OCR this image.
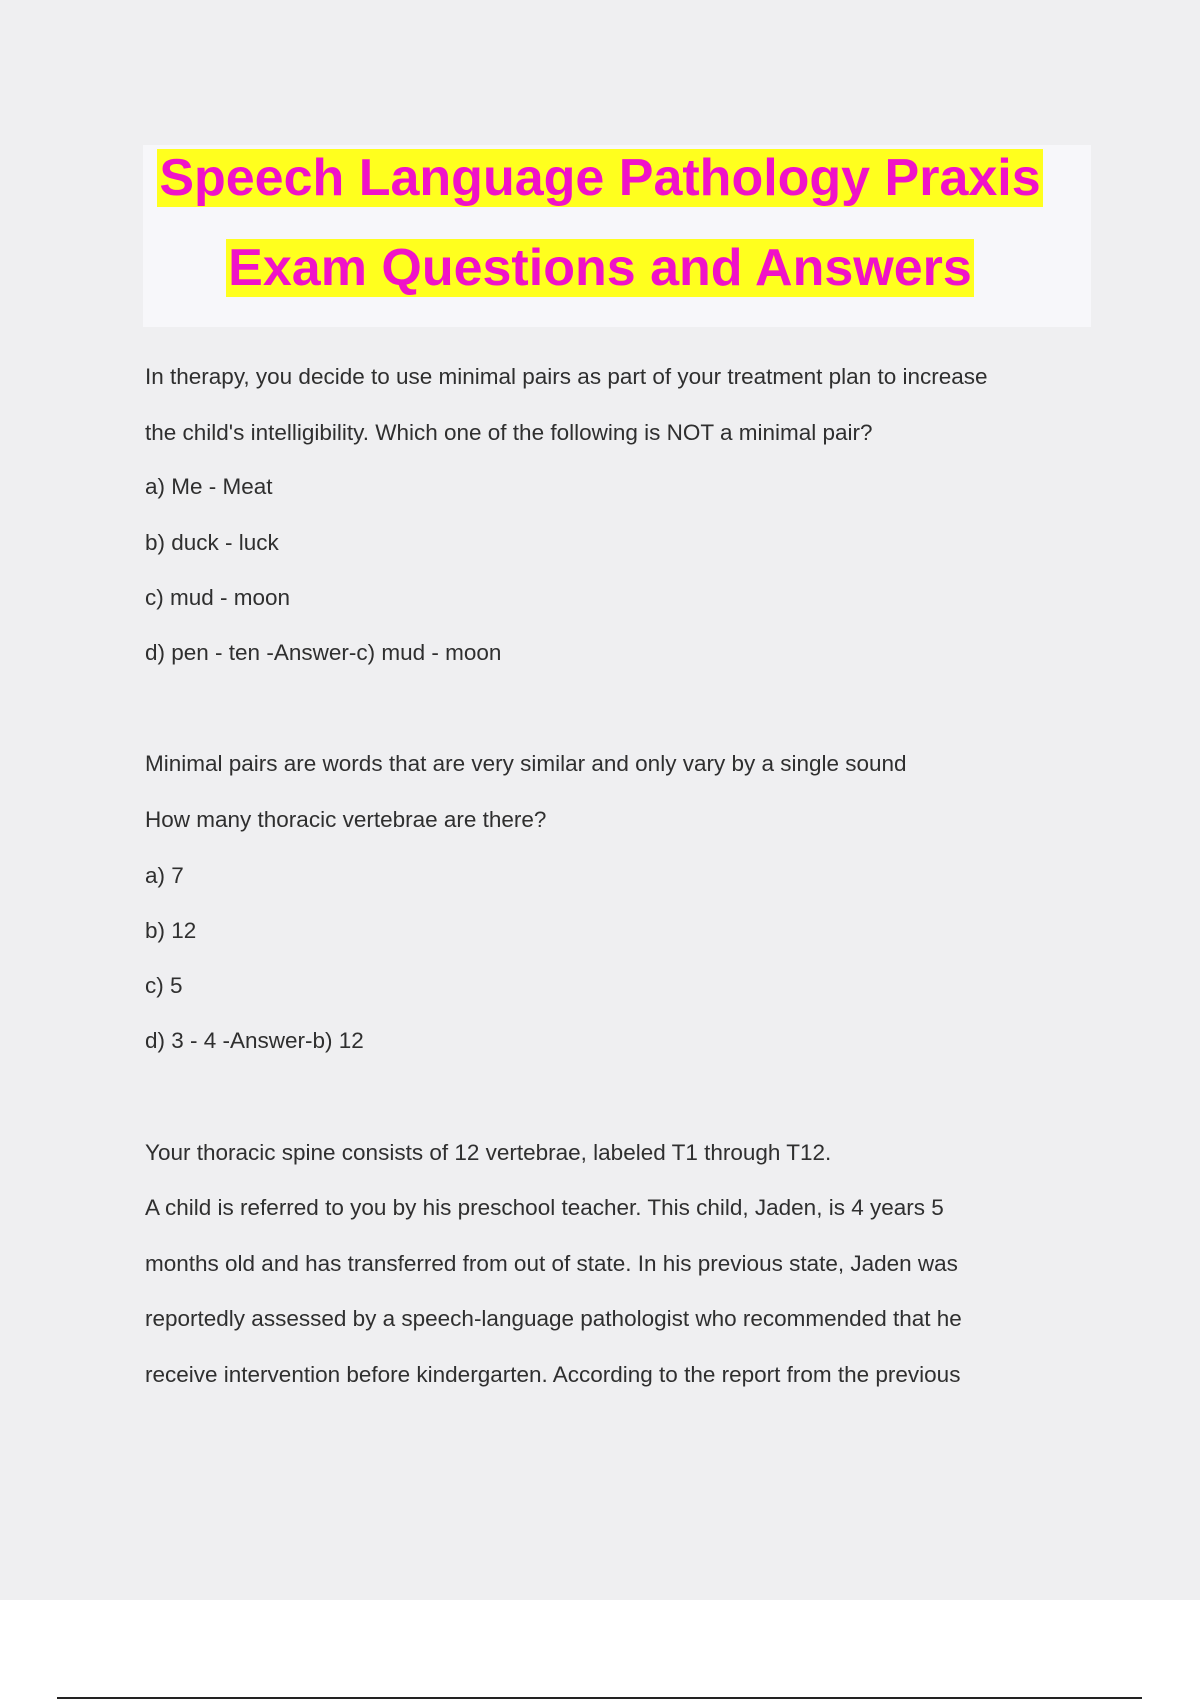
Speech Language Pathology Praxis
Exam Questions and Answers
In therapy, you decide to use minimal pairs as part of your treatment plan to increase
the child's intelligibility. Which one of the following is NOT a minimal pair?
a) Me - Meat
b) duck - luck
c) mud - moon
d) pen - ten -Answer-c) mud - moon
Minimal pairs are words that are very similar and only vary by a single sound
How many thoracic vertebrae are there?
a) 7
b) 12
c) 5
d) 3 - 4 -Answer-b) 12
Your thoracic spine consists of 12 vertebrae, labeled T1 through T12.
A child is referred to you by his preschool teacher. This child, Jaden, is 4 years 5
months old and has transferred from out of state. In his previous state, Jaden was
reportedly assessed by a speech-language pathologist who recommended that he
receive intervention before kindergarten. According to the report from the previous
